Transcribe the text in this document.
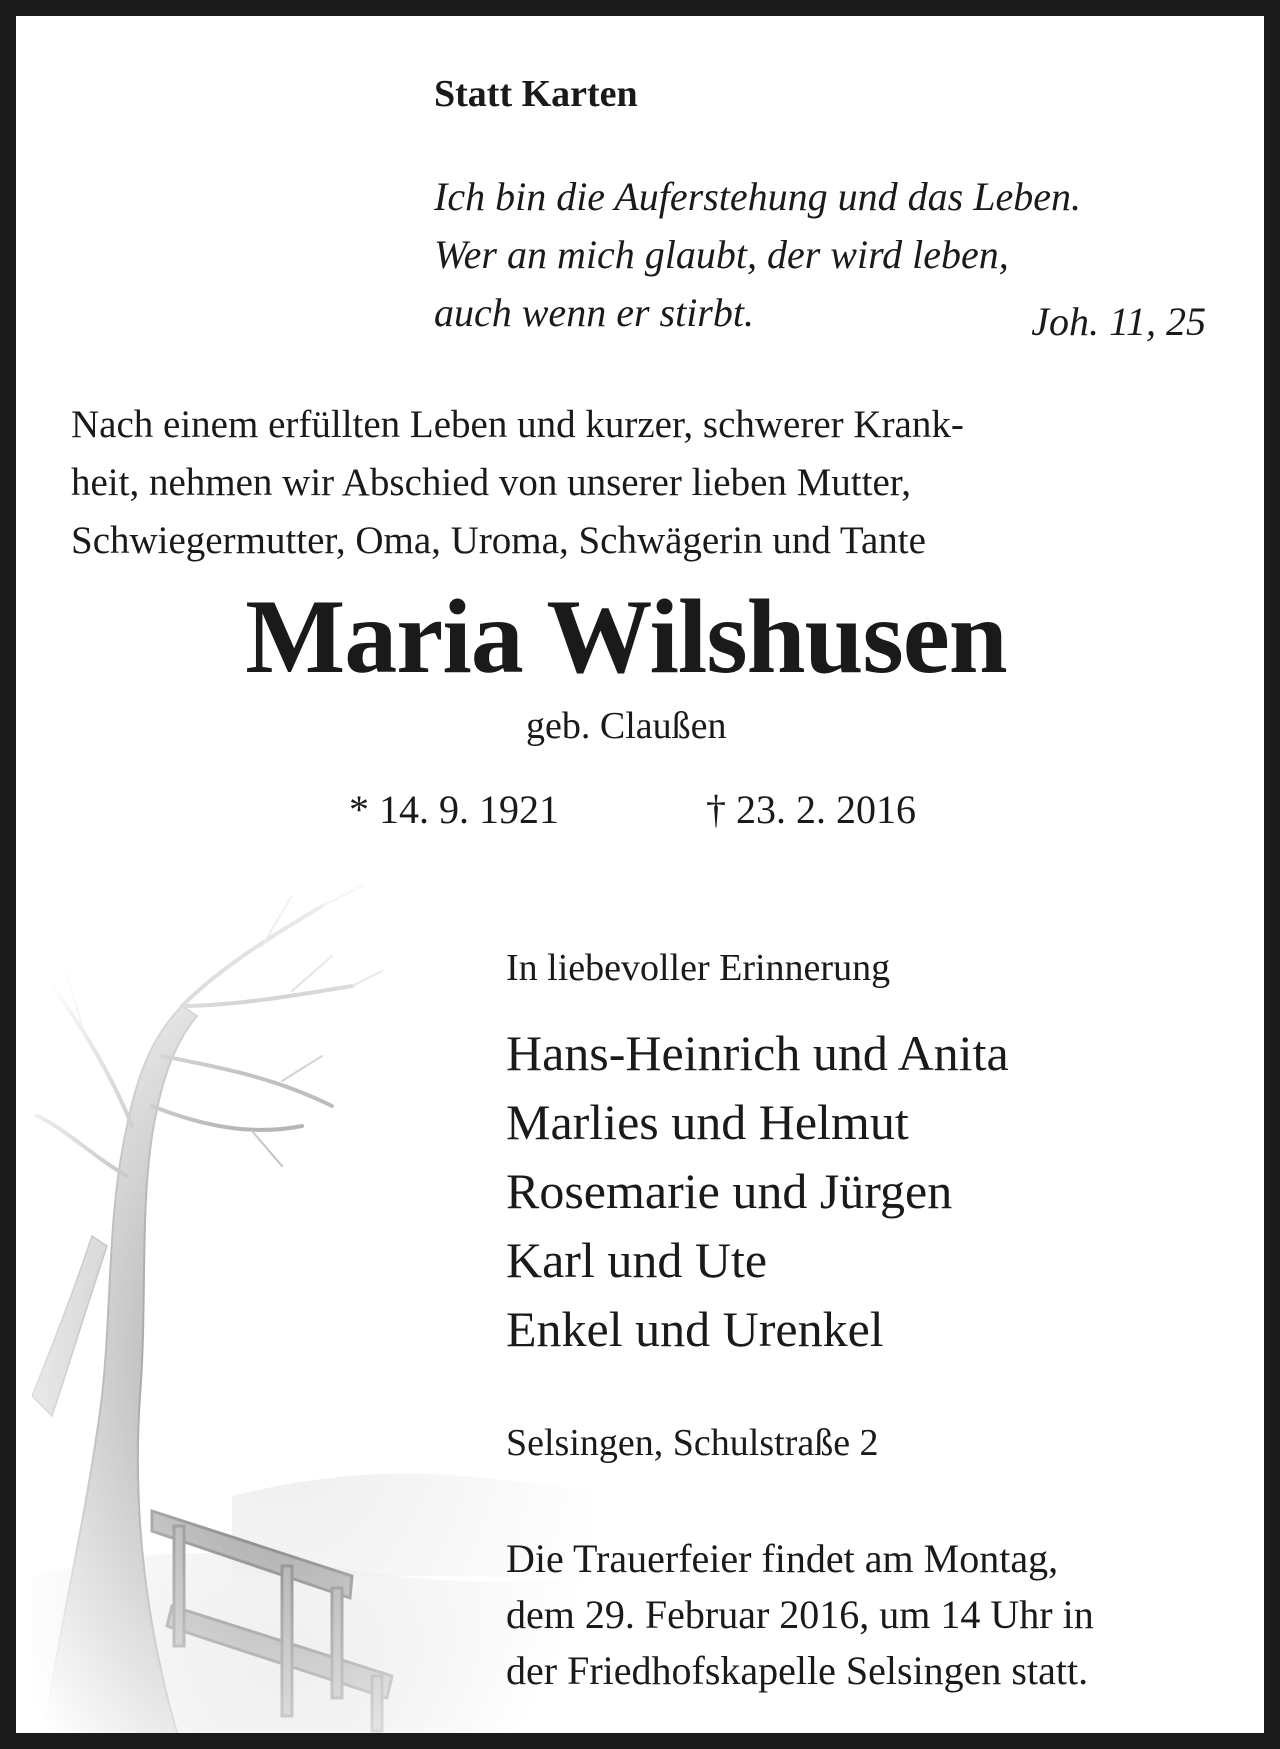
Statt Karten

Ich bin die Auferstehung und das Leben.
Wer an mich glaubt, der wird leben,
auch wenn er stirbt.	Joh. 11, 25

Nach einem erfüllten Leben und kurzer, schwerer Krank-
heit, nehmen wir Abschied von unserer lieben Mutter,
Schwiegermutter, Oma, Uroma, Schwägerin und Tante

Maria Wilshusen

geb. Claußen

* 14. 9. 1921	† 23. 2. 2016

In liebevoller Erinnerung

Hans-Heinrich und Anita
Marlies und Helmut
Rosemarie und Jürgen
Karl und Ute
Enkel und Urenkel

Selsingen, Schulstraße 2

Die Trauerfeier findet am Montag,
dem 29. Februar 2016, um 14 Uhr in
der Friedhofskapelle Selsingen statt.
